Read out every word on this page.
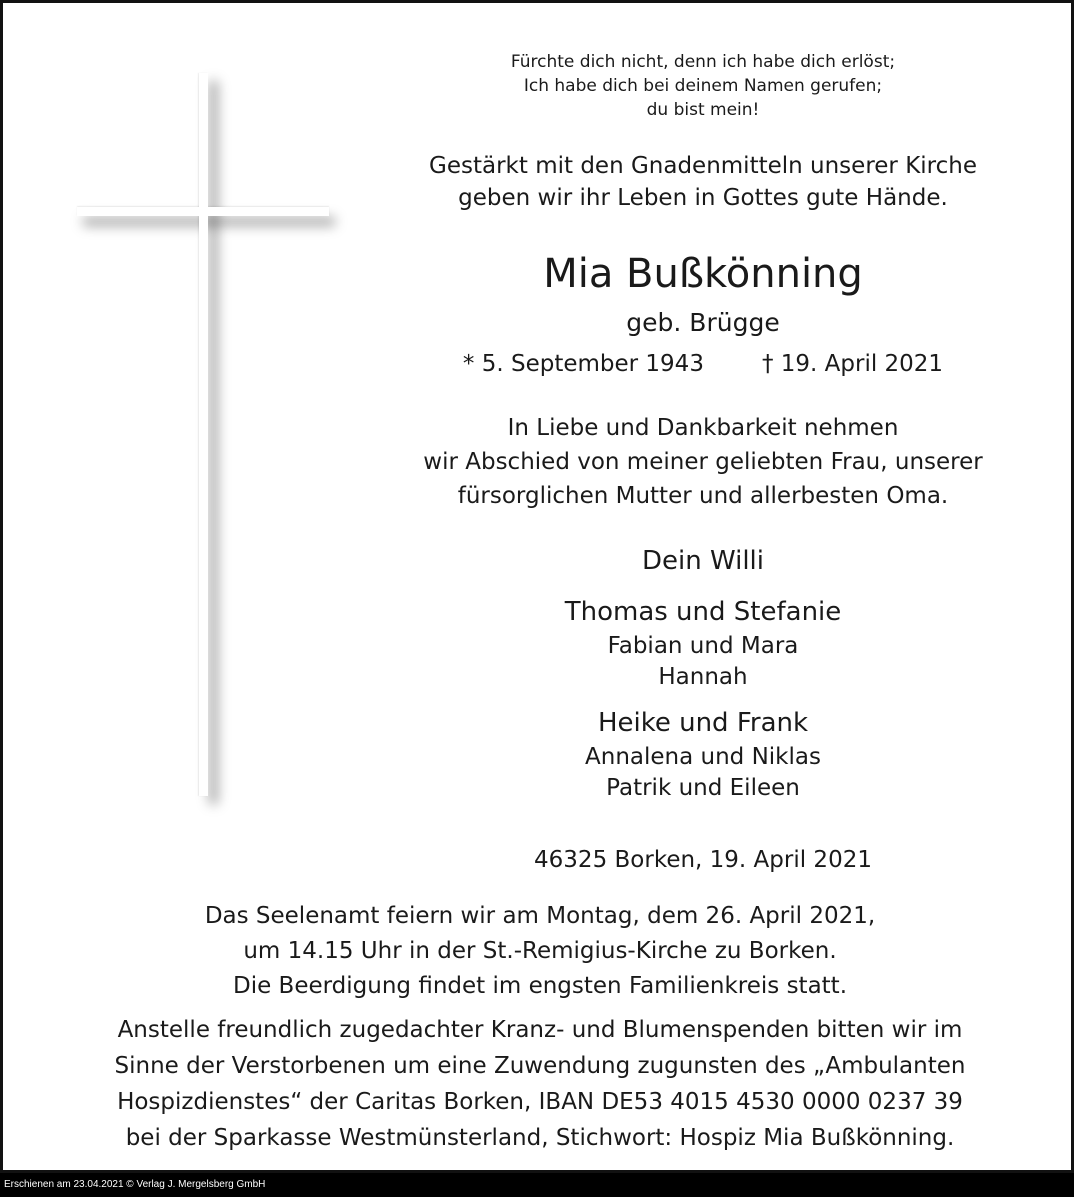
Fürchte dich nicht, denn ich habe dich erlöst;
Ich habe dich bei deinem Namen gerufen;
du bist mein!
Gestärkt mit den Gnadenmitteln unserer Kirche
geben wir ihr Leben in Gottes gute Hände.
Mia Bußkönning
geb. Brügge
* 5. September 1943	† 19. April 2021
In Liebe und Dankbarkeit nehmen
wir Abschied von meiner geliebten Frau, unserer
fürsorglichen Mutter und allerbesten Oma.
Dein Willi
Thomas und Stefanie
Fabian und Mara
Hannah
Heike und Frank
Annalena und Niklas
Patrik und Eileen
46325 Borken, 19. April 2021
Das Seelenamt feiern wir am Montag, dem 26. April 2021,
um 14.15 Uhr in der St.-Remigius-Kirche zu Borken.
Die Beerdigung findet im engsten Familienkreis statt.
Anstelle freundlich zugedachter Kranz- und Blumenspenden bitten wir im
Sinne der Verstorbenen um eine Zuwendung zugunsten des „Ambulanten
Hospizdienstes“ der Caritas Borken, IBAN DE53 4015 4530 0000 0237 39
bei der Sparkasse Westmünsterland, Stichwort: Hospiz Mia Bußkönning.
Erschienen am 23.04.2021 © Verlag J. Mergelsberg GmbH
